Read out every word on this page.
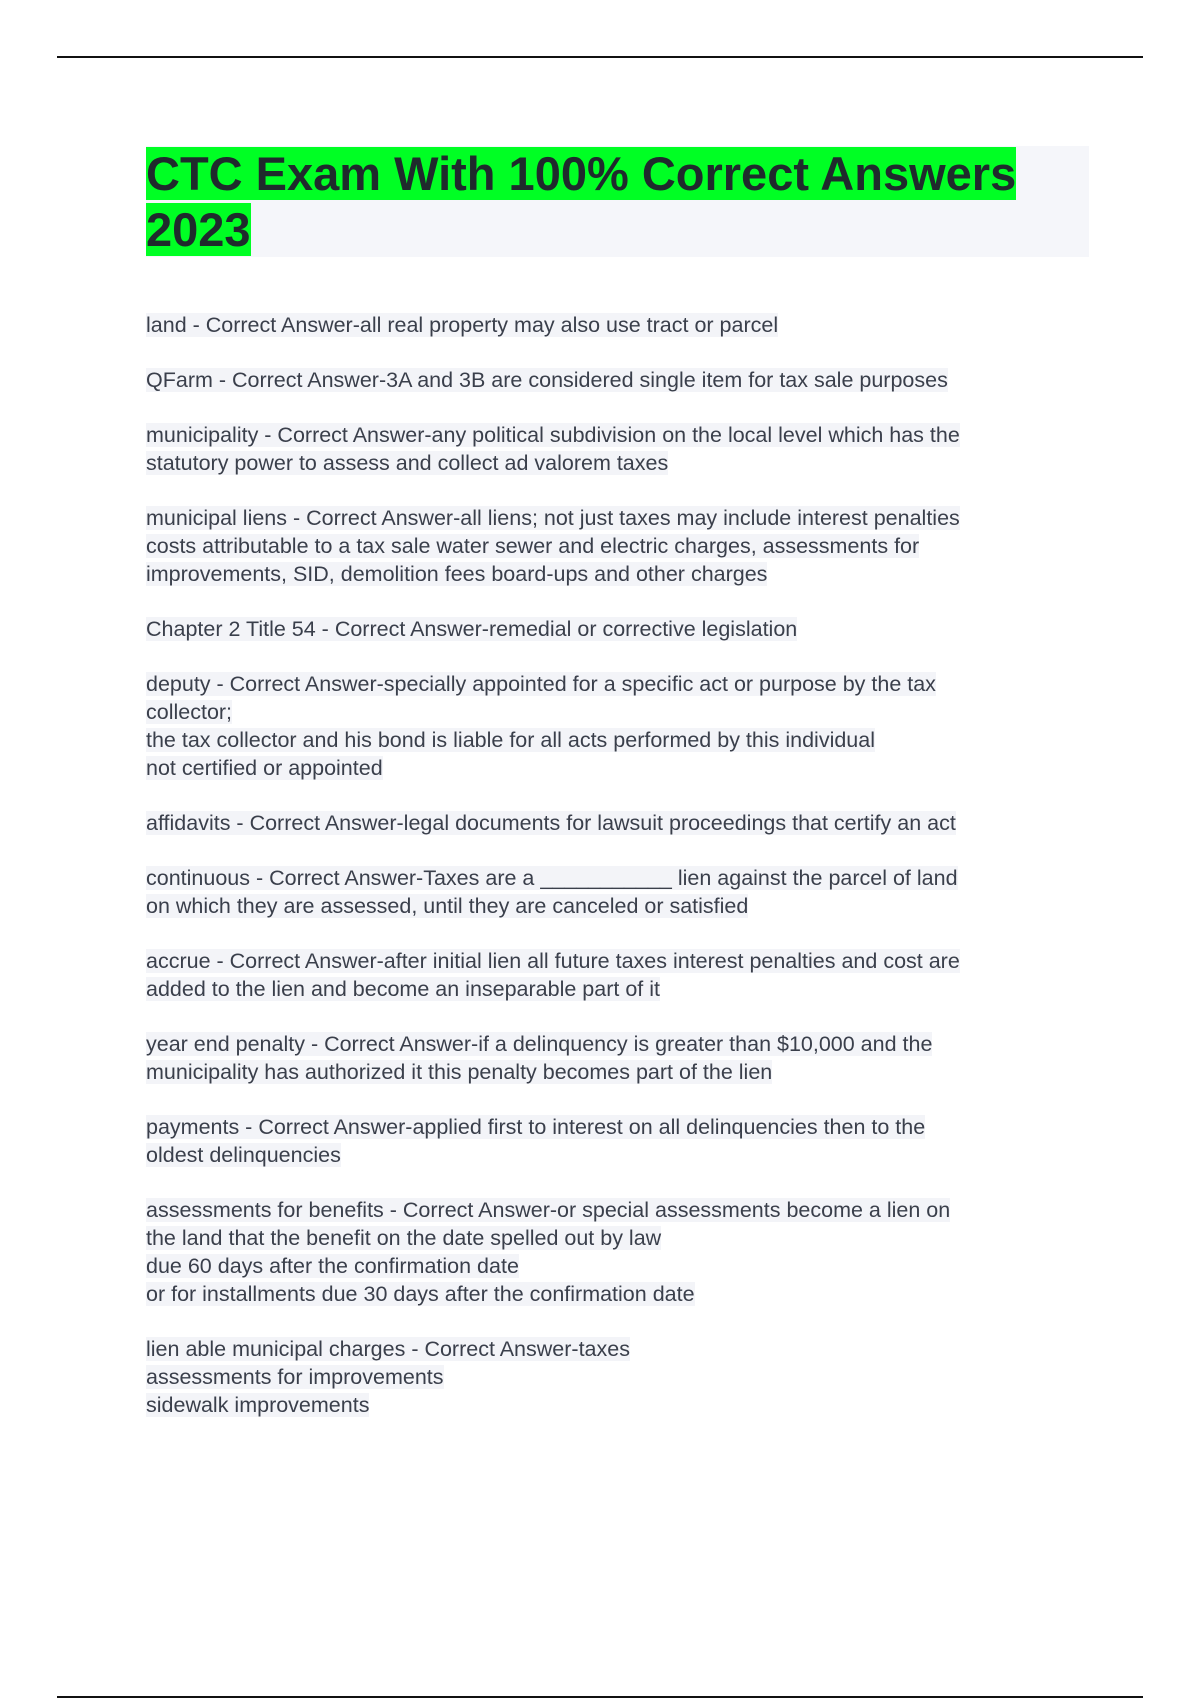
CTC Exam With 100% Correct Answers 2023

land - Correct Answer-all real property may also use tract or parcel

QFarm - Correct Answer-3A and 3B are considered single item for tax sale purposes

municipality - Correct Answer-any political subdivision on the local level which has the
statutory power to assess and collect ad valorem taxes

municipal liens - Correct Answer-all liens; not just taxes may include interest penalties
costs attributable to a tax sale water sewer and electric charges, assessments for
improvements, SID, demolition fees board-ups and other charges

Chapter 2 Title 54 - Correct Answer-remedial or corrective legislation

deputy - Correct Answer-specially appointed for a specific act or purpose by the tax
collector;
the tax collector and his bond is liable for all acts performed by this individual
not certified or appointed

affidavits - Correct Answer-legal documents for lawsuit proceedings that certify an act

continuous - Correct Answer-Taxes are a ___________ lien against the parcel of land
on which they are assessed, until they are canceled or satisfied

accrue - Correct Answer-after initial lien all future taxes interest penalties and cost are
added to the lien and become an inseparable part of it

year end penalty - Correct Answer-if a delinquency is greater than $10,000 and the
municipality has authorized it this penalty becomes part of the lien

payments - Correct Answer-applied first to interest on all delinquencies then to the
oldest delinquencies

assessments for benefits - Correct Answer-or special assessments become a lien on
the land that the benefit on the date spelled out by law
due 60 days after the confirmation date
or for installments due 30 days after the confirmation date

lien able municipal charges - Correct Answer-taxes
assessments for improvements
sidewalk improvements
